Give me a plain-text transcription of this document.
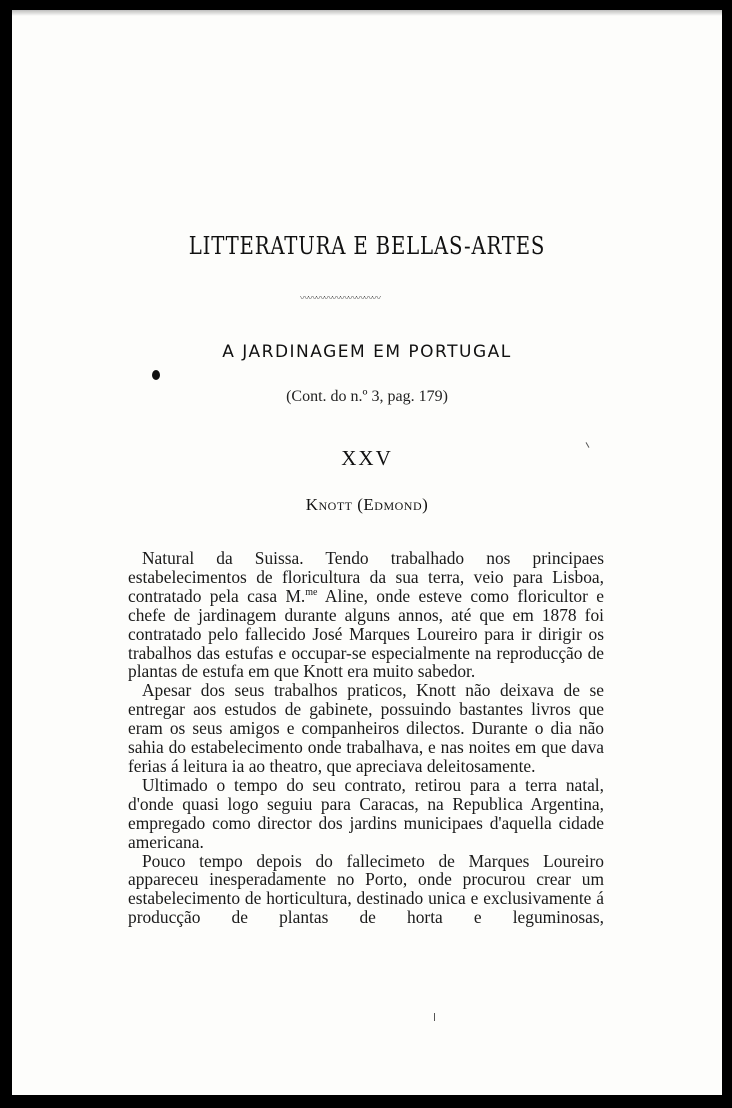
LITTERATURA E BELLAS-ARTES
〰〰〰〰〰〰〰〰〰〰
A JARDINAGEM EM PORTUGAL
(Cont. do n.º 3, pag. 179)
XXV
Knott (Edmond)

Natural da Suissa. Tendo trabalhado nos principaes estabelecimentos de floricultura da sua terra, veio para Lisboa, contratado pela casa M.$^{me}$ Aline, onde esteve como floricultor e chefe de jardinagem durante alguns annos, até que em 1878 foi contratado pelo fallecido José Marques Loureiro para ir dirigir os trabalhos das estufas e occupar-se especialmente na reproducção de plantas de estufa em que Knott era muito sabedor.

Apesar dos seus trabalhos praticos, Knott não deixava de se entregar aos estudos de gabinete, possuindo bastantes livros que eram os seus amigos e companheiros dilectos. Durante o dia não sahia do estabelecimento onde trabalhava, e nas noites em que dava ferias á leitura ia ao theatro, que apreciava deleitosamente.

Ultimado o tempo do seu contrato, retirou para a terra natal, d'onde quasi logo seguiu para Caracas, na Republica Argentina, empregado como director dos jardins municipaes d'aquella cidade americana.

Pouco tempo depois do fallecimeto de Marques Loureiro appareceu inesperadamente no Porto, onde procurou crear um estabelecimento de horticultura, destinado unica e exclusivamente á producção de plantas de horta e leguminosas,
